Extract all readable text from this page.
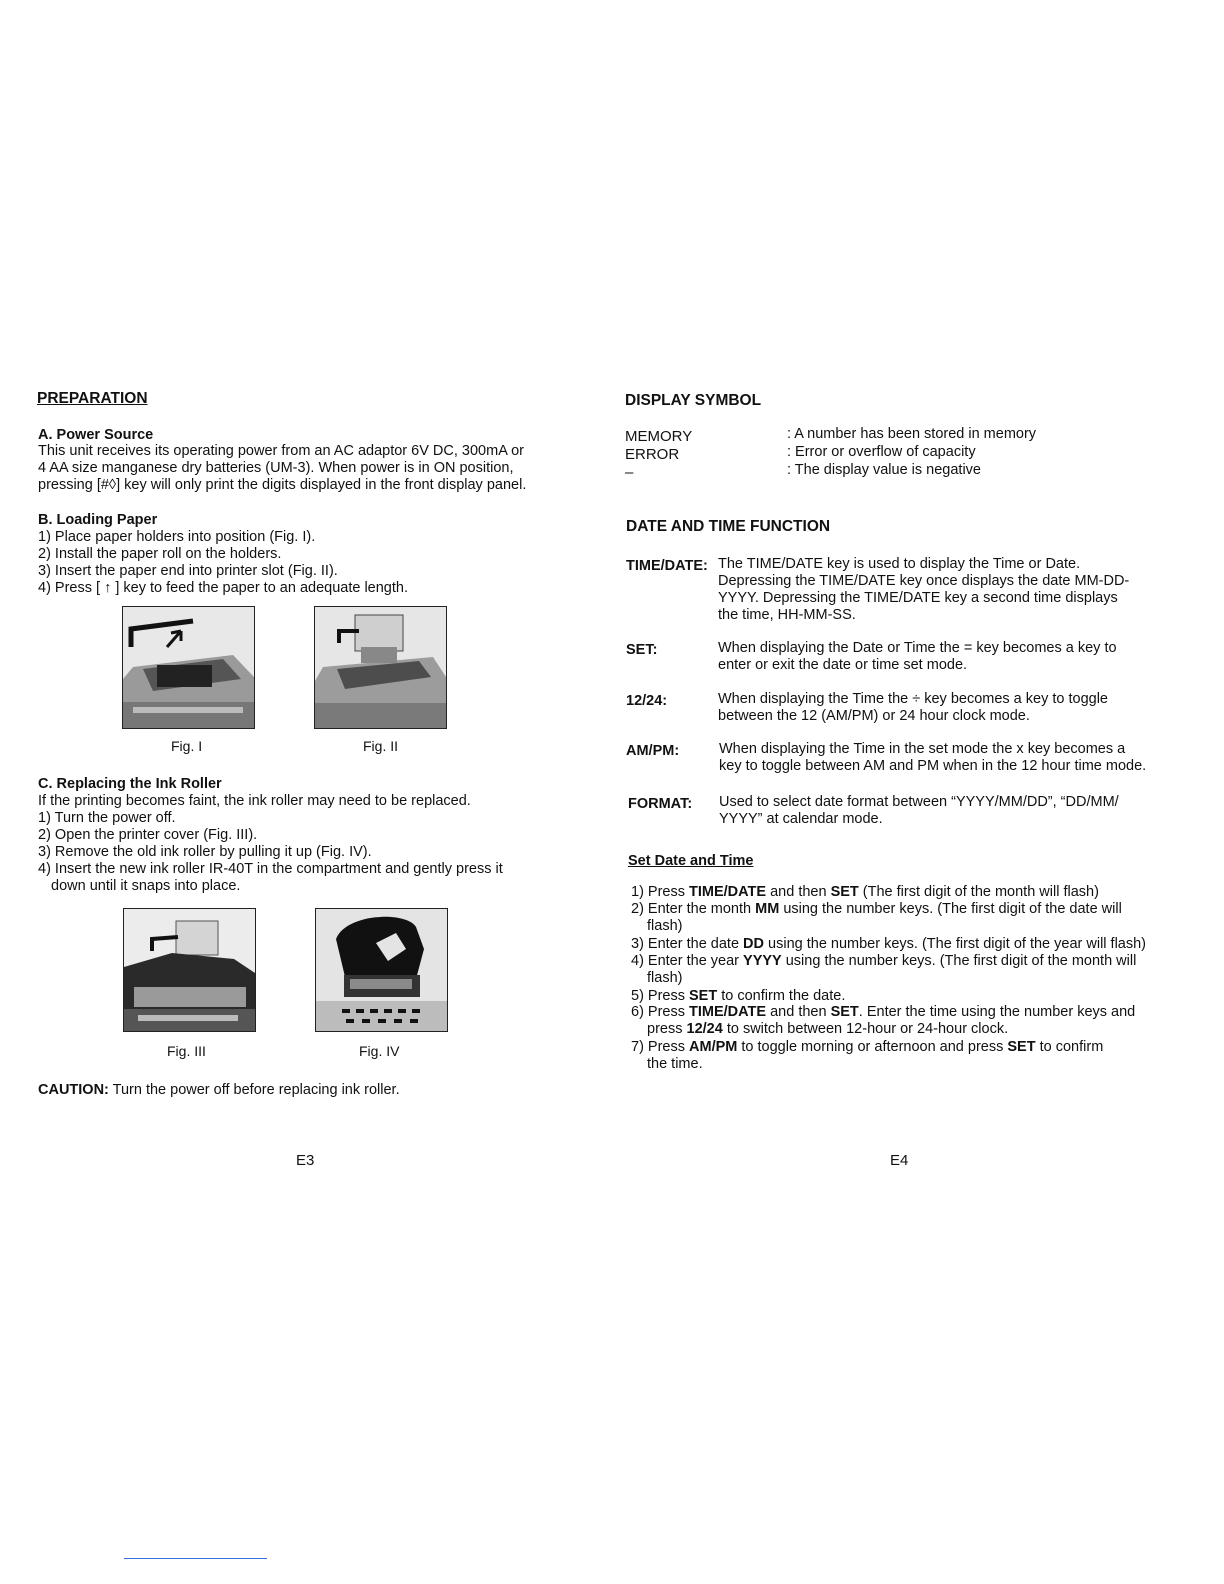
PREPARATION
A. Power Source
This unit receives its operating power from an AC adaptor 6V DC, 300mA or
4 AA size manganese dry batteries (UM-3). When power is in ON position,
pressing [#◊] key will only print the digits displayed in the front display panel.
B. Loading Paper
1) Place paper holders into position (Fig. I).
2) Install the paper roll on the holders.
3) Insert the paper end into printer slot (Fig. II).
4) Press [ ↑ ] key to feed the paper to an adequate length.
Fig. I	Fig. II
C. Replacing the Ink Roller
If the printing becomes faint, the ink roller may need to be replaced.
1) Turn the power off.
2) Open the printer cover (Fig. III).
3) Remove the old ink roller by pulling it up (Fig. IV).
4) Insert the new ink roller IR-40T in the compartment and gently press it
down until it snaps into place.
Fig. III	Fig. IV
CAUTION: Turn the power off before replacing ink roller.
E3
DISPLAY SYMBOL
MEMORY	: A number has been stored in memory
ERROR	: Error or overflow of capacity
–	: The display value is negative
DATE AND TIME FUNCTION
TIME/DATE: The TIME/DATE key is used to display the Time or Date.
Depressing the TIME/DATE key once displays the date MM-DD-
YYYY. Depressing the TIME/DATE key a second time displays
the time, HH-MM-SS.
SET:	When displaying the Date or Time the = key becomes a key to
enter or exit the date or time set mode.
12/24:	When displaying the Time the ÷ key becomes a key to toggle
between the 12 (AM/PM) or 24 hour clock mode.
AM/PM:	When displaying the Time in the set mode the x key becomes a
key to toggle between AM and PM when in the 12 hour time mode.
FORMAT: Used to select date format between “YYYY/MM/DD”, “DD/MM/
YYYY” at calendar mode.
Set Date and Time
1) Press TIME/DATE and then SET (The first digit of the month will flash)
2) Enter the month MM using the number keys. (The first digit of the date will
flash)
3) Enter the date DD using the number keys. (The first digit of the year will flash)
4) Enter the year YYYY using the number keys. (The first digit of the month will
flash)
5) Press SET to confirm the date.
6) Press TIME/DATE and then SET. Enter the time using the number keys and
press 12/24 to switch between 12-hour or 24-hour clock.
7) Press AM/PM to toggle morning or afternoon and press SET to confirm
the time.
E4
